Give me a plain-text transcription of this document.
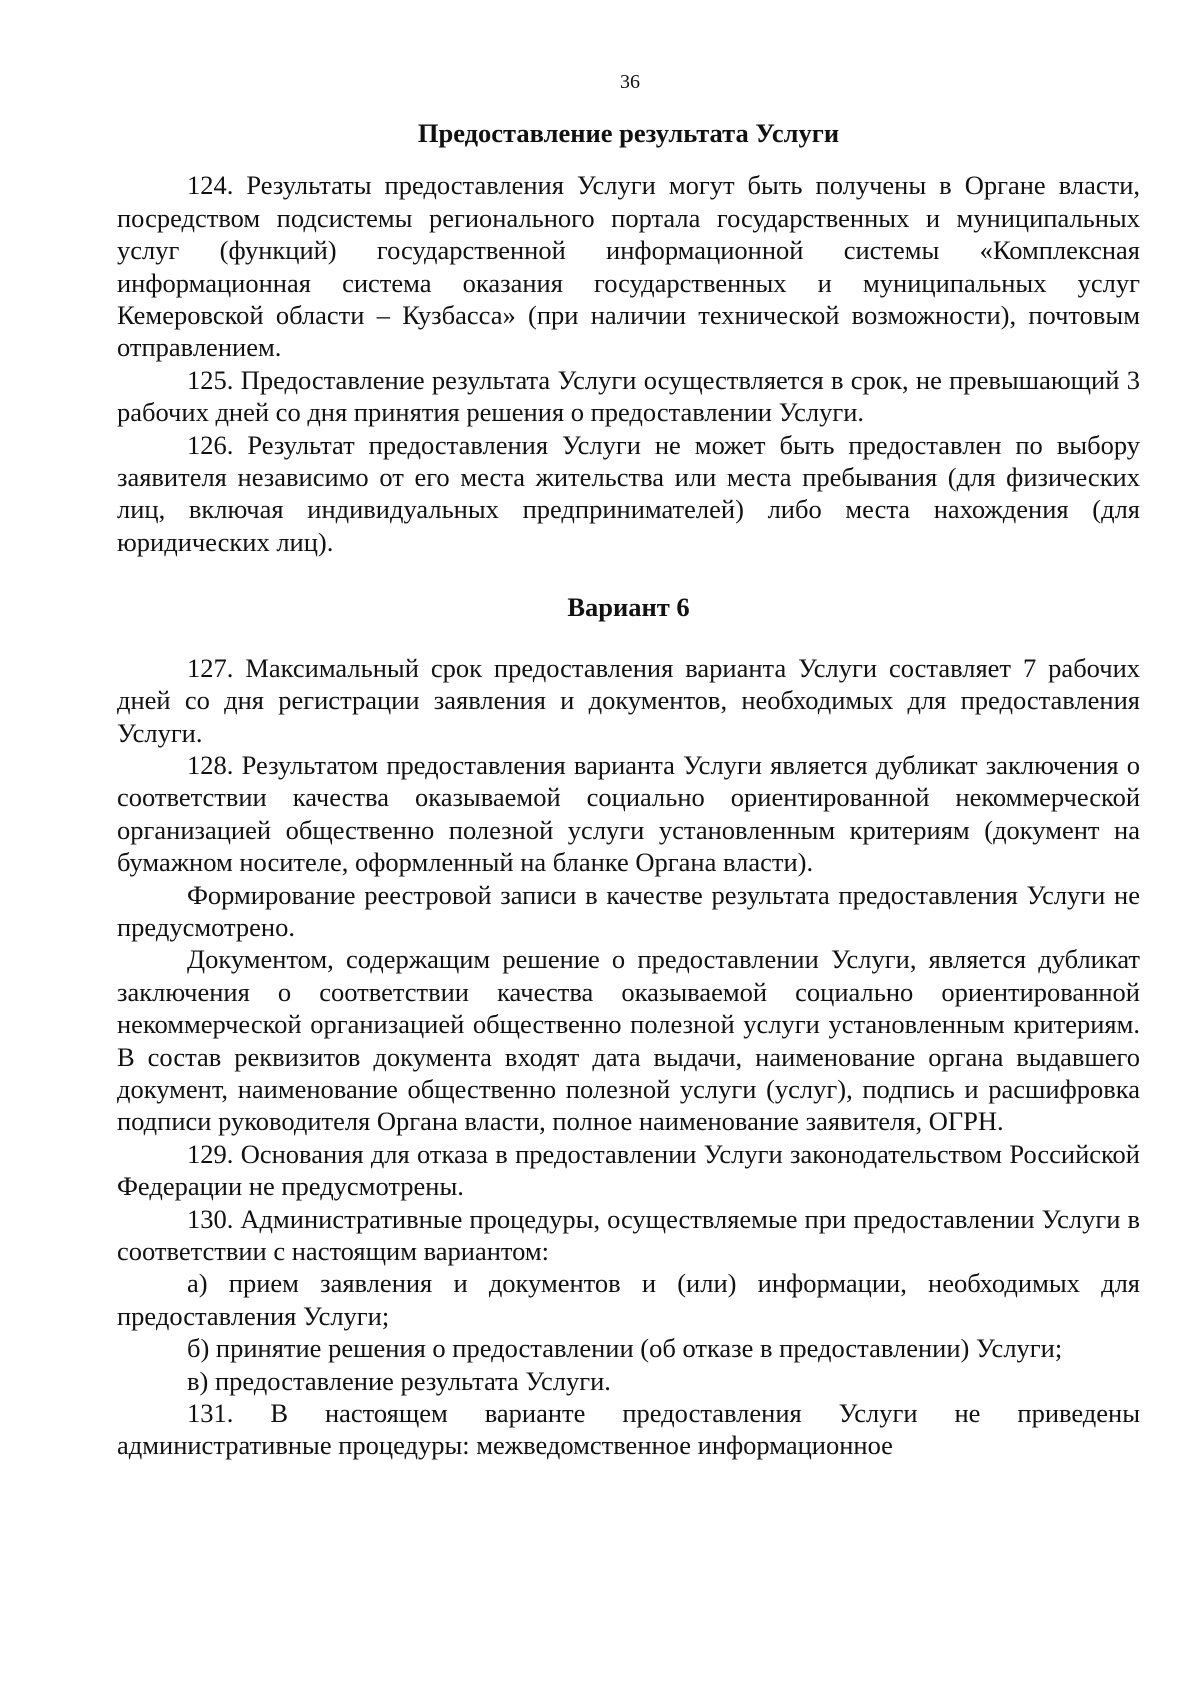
36
Предоставление результата Услуги

124. Результаты предоставления Услуги могут быть получены в Органе власти, посредством подсистемы регионального портала государственных и муниципальных услуг (функций) государственной информационной системы «Комплексная информационная система оказания государственных и муниципальных услуг Кемеровской области – Кузбасса» (при наличии технической возможности), почтовым отправлением.

125. Предоставление результата Услуги осуществляется в срок, не превышающий 3 рабочих дней со дня принятия решения о предоставлении Услуги.

126. Результат предоставления Услуги не может быть предоставлен по выбору заявителя независимо от его места жительства или места пребывания (для физических лиц, включая индивидуальных предпринимателей) либо места нахождения (для юридических лиц).

Вариант 6

127. Максимальный срок предоставления варианта Услуги составляет 7 рабочих дней со дня регистрации заявления и документов, необходимых для предоставления Услуги.

128. Результатом предоставления варианта Услуги является дубликат заключения о соответствии качества оказываемой социально ориентированной некоммерческой организацией общественно полезной услуги установленным критериям (документ на бумажном носителе, оформленный на бланке Органа власти).

Формирование реестровой записи в качестве результата предоставления Услуги не предусмотрено.

Документом, содержащим решение о предоставлении Услуги, является дубликат заключения о соответствии качества оказываемой социально ориентированной некоммерческой организацией общественно полезной услуги установленным критериям. В состав реквизитов документа входят дата выдачи, наименование органа выдавшего документ, наименование общественно полезной услуги (услуг), подпись и расшифровка подписи руководителя Органа власти, полное наименование заявителя, ОГРН.

129. Основания для отказа в предоставлении Услуги законодательством Российской Федерации не предусмотрены.

130. Административные процедуры, осуществляемые при предоставлении Услуги в соответствии с настоящим вариантом:

а) прием заявления и документов и (или) информации, необходимых для предоставления Услуги;

б) принятие решения о предоставлении (об отказе в предоставлении) Услуги;

в) предоставление результата Услуги.

131. В настоящем варианте предоставления Услуги не приведены административные процедуры: межведомственное информационное
